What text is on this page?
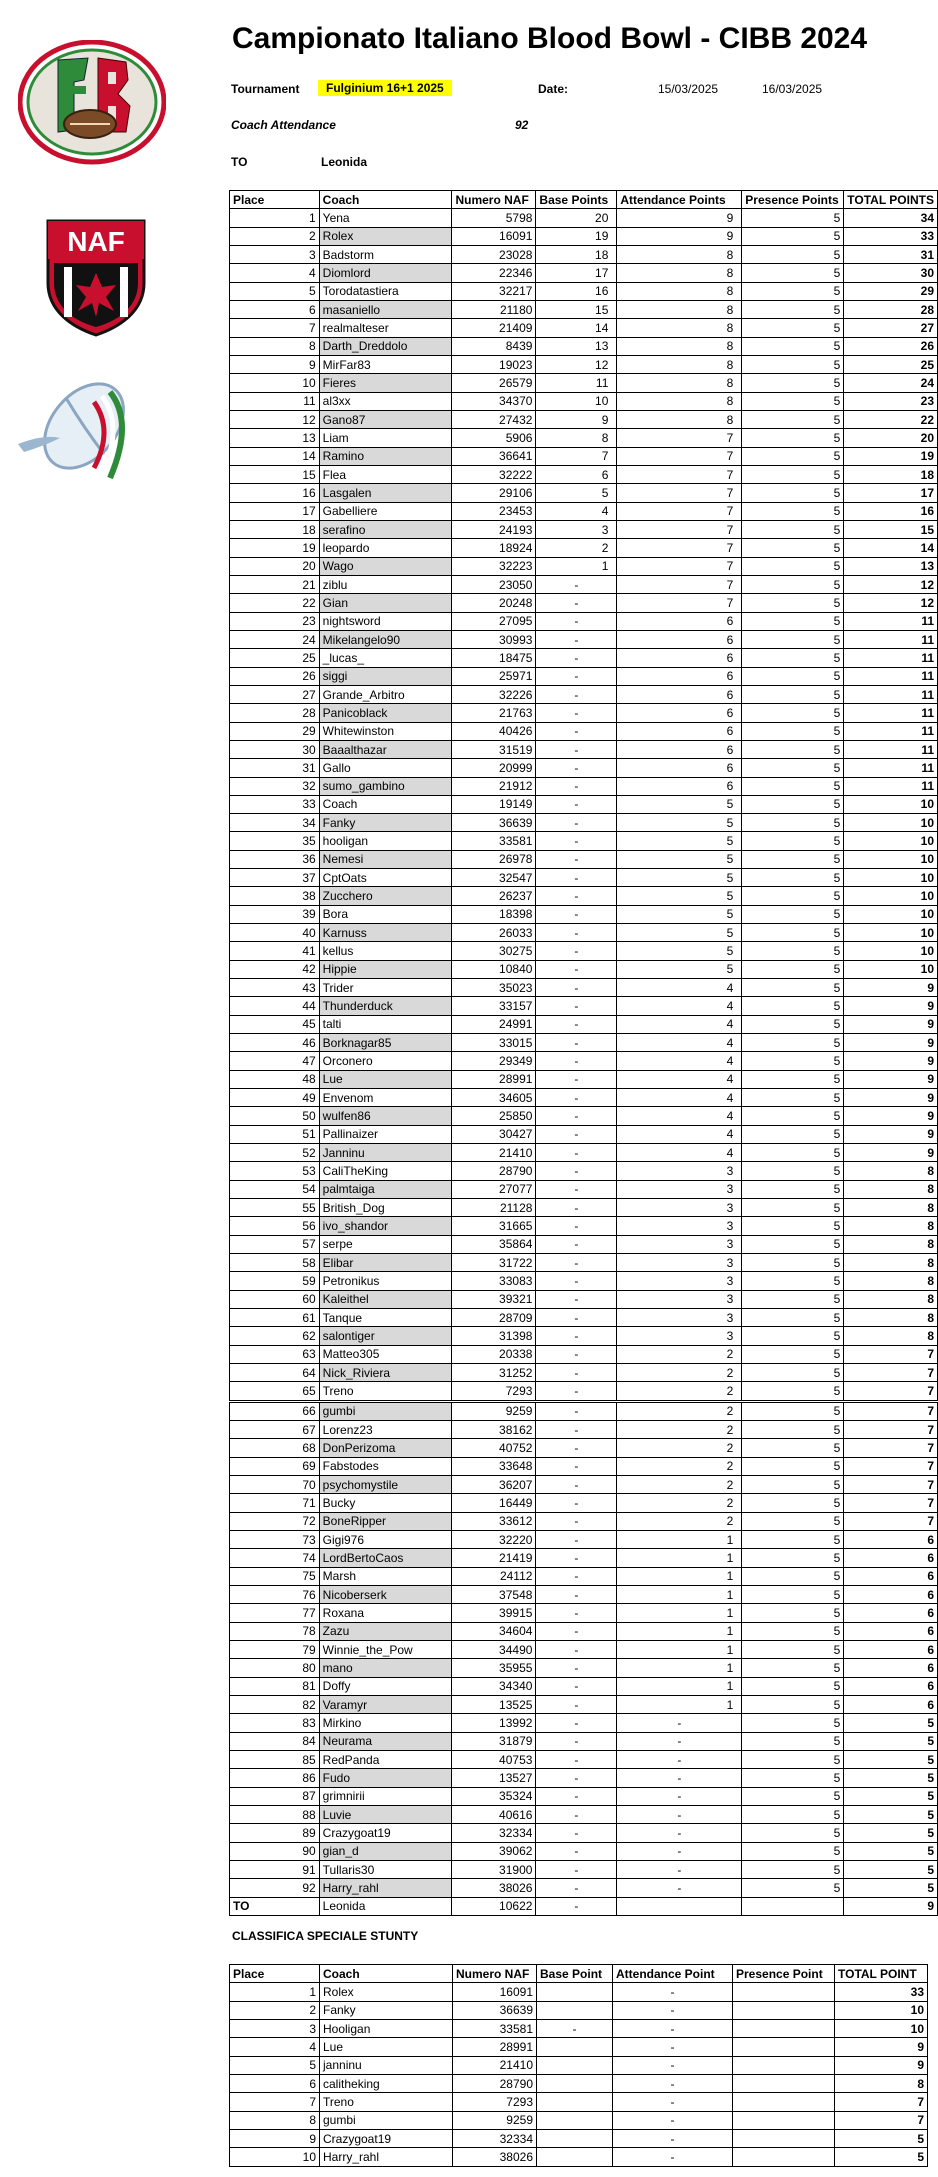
NAF
Campionato Italiano Blood Bowl - CIBB 2024
Tournament	Fulginium 16+1 2025	Date:	15/03/2025	16/03/2025
Coach Attendance	92
TO	Leonida
Place	Coach	Numero NAF	Base Points	Attendance Points	Presence Points	TOTAL POINTS
1	Yena	5798	20	9	5	34
2	Rolex	16091	19	9	5	33
3	Badstorm	23028	18	8	5	31
4	Diomlord	22346	17	8	5	30
5	Torodatastiera	32217	16	8	5	29
6	masaniello	21180	15	8	5	28
7	realmalteser	21409	14	8	5	27
8	Darth_Dreddolo	8439	13	8	5	26
9	MirFar83	19023	12	8	5	25
10	Fieres	26579	11	8	5	24
11	al3xx	34370	10	8	5	23
12	Gano87	27432	9	8	5	22
13	Liam	5906	8	7	5	20
14	Ramino	36641	7	7	5	19
15	Flea	32222	6	7	5	18
16	Lasgalen	29106	5	7	5	17
17	Gabelliere	23453	4	7	5	16
18	serafino	24193	3	7	5	15
19	leopardo	18924	2	7	5	14
20	Wago	32223	1	7	5	13
21	ziblu	23050	-	7	5	12
22	Gian	20248	-	7	5	12
23	nightsword	27095	-	6	5	11
24	Mikelangelo90	30993	-	6	5	11
25	_lucas_	18475	-	6	5	11
26	siggi	25971	-	6	5	11
27	Grande_Arbitro	32226	-	6	5	11
28	Panicoblack	21763	-	6	5	11
29	Whitewinston	40426	-	6	5	11
30	Baaalthazar	31519	-	6	5	11
31	Gallo	20999	-	6	5	11
32	sumo_gambino	21912	-	6	5	11
33	Coach	19149	-	5	5	10
34	Fanky	36639	-	5	5	10
35	hooligan	33581	-	5	5	10
36	Nemesi	26978	-	5	5	10
37	CptOats	32547	-	5	5	10
38	Zucchero	26237	-	5	5	10
39	Bora	18398	-	5	5	10
40	Karnuss	26033	-	5	5	10
41	kellus	30275	-	5	5	10
42	Hippie	10840	-	5	5	10
43	Trider	35023	-	4	5	9
44	Thunderduck	33157	-	4	5	9
45	talti	24991	-	4	5	9
46	Borknagar85	33015	-	4	5	9
47	Orconero	29349	-	4	5	9
48	Lue	28991	-	4	5	9
49	Envenom	34605	-	4	5	9
50	wulfen86	25850	-	4	5	9
51	Pallinaizer	30427	-	4	5	9
52	Janninu	21410	-	4	5	9
53	CaliTheKing	28790	-	3	5	8
54	palmtaiga	27077	-	3	5	8
55	British_Dog	21128	-	3	5	8
56	ivo_shandor	31665	-	3	5	8
57	serpe	35864	-	3	5	8
58	Elibar	31722	-	3	5	8
59	Petronikus	33083	-	3	5	8
60	Kaleithel	39321	-	3	5	8
61	Tanque	28709	-	3	5	8
62	salontiger	31398	-	3	5	8
63	Matteo305	20338	-	2	5	7
64	Nick_Riviera	31252	-	2	5	7
65	Treno	7293	-	2	5	7
66	gumbi	9259	-	2	5	7
67	Lorenz23	38162	-	2	5	7
68	DonPerizoma	40752	-	2	5	7
69	Fabstodes	33648	-	2	5	7
70	psychomystile	36207	-	2	5	7
71	Bucky	16449	-	2	5	7
72	BoneRipper	33612	-	2	5	7
73	Gigi976	32220	-	1	5	6
74	LordBertoCaos	21419	-	1	5	6
75	Marsh	24112	-	1	5	6
76	Nicoberserk	37548	-	1	5	6
77	Roxana	39915	-	1	5	6
78	Zazu	34604	-	1	5	6
79	Winnie_the_Pow	34490	-	1	5	6
80	mano	35955	-	1	5	6
81	Doffy	34340	-	1	5	6
82	Varamyr	13525	-	1	5	6
83	Mirkino	13992	-	-	5	5
84	Neurama	31879	-	-	5	5
85	RedPanda	40753	-	-	5	5
86	Fudo	13527	-	-	5	5
87	grimnirii	35324	-	-	5	5
88	Luvie	40616	-	-	5	5
89	Crazygoat19	32334	-	-	5	5
90	gian_d	39062	-	-	5	5
91	Tullaris30	31900	-	-	5	5
92	Harry_rahl	38026	-	-	5	5
TO	Leonida	10622	-			9
CLASSIFICA SPECIALE STUNTY
Place	Coach	Numero NAF	Base Point	Attendance Point	Presence Point	TOTAL POINT
1	Rolex	16091		-		33
2	Fanky	36639		-		10
3	Hooligan	33581	-	-		10
4	Lue	28991		-		9
5	janninu	21410		-		9
6	calitheking	28790		-		8
7	Treno	7293		-		7
8	gumbi	9259		-		7
9	Crazygoat19	32334		-		5
10	Harry_rahl	38026		-		5
